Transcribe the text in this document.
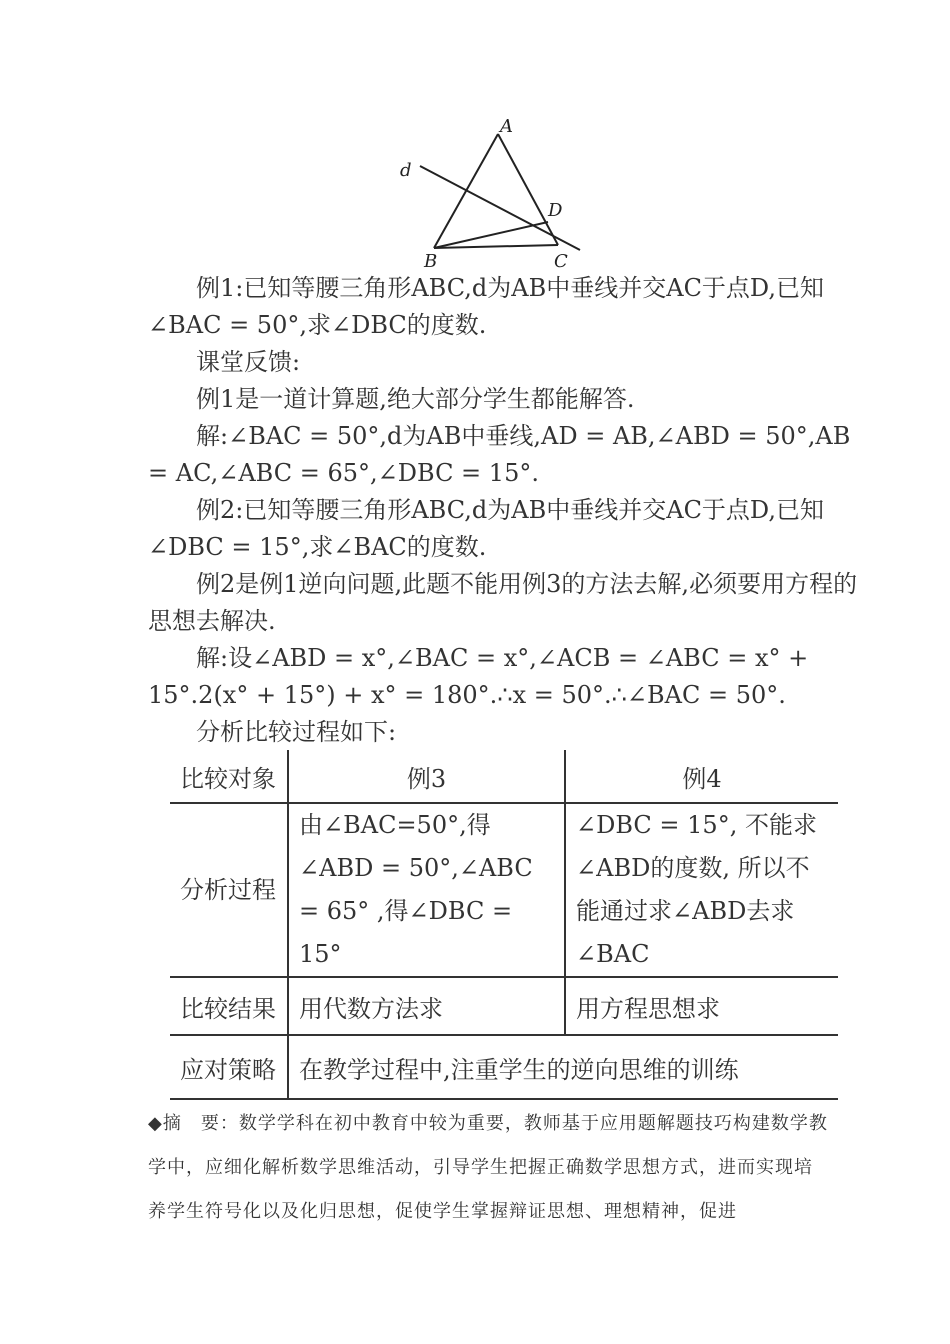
A
d
D
B	C
例1:已知等腰三角形ABC,d为AB中垂线并交AC于点D,已知∠BAC = 50°,求∠DBC的度数.
课堂反馈:
例1是一道计算题,绝大部分学生都能解答.
解:∠BAC = 50°,d为AB中垂线,AD = AB,∠ABD = 50°,AB = AC,∠ABC = 65°,∠DBC = 15°.
例2:已知等腰三角形ABC,d为AB中垂线并交AC于点D,已知∠DBC = 15°,求∠BAC的度数.
例2是例1逆向问题,此题不能用例3的方法去解,必须要用方程的思想去解决.
解:设∠ABD = x°,∠BAC = x°,∠ACB = ∠ABC = x° + 15°.2(x° + 15°) + x° = 180°.∴x = 50°.∴∠BAC = 50°.
分析比较过程如下:
比较对象	例3	例4
分析过程	由∠BAC=50°,得∠ABD = 50°,∠ABC = 65° ,得∠DBC = 15°	∠DBC = 15°, 不能求∠ABD的度数, 所以不能通过求∠ABD去求∠BAC
比较结果	用代数方法求	用方程思想求
应对策略	在教学过程中,注重学生的逆向思维的训练	
◆摘　要：数学学科在初中教育中较为重要，教师基于应用题解题技巧构建数学教学中，应细化解析数学思维活动，引导学生把握正确数学思想方式，进而实现培养学生符号化以及化归思想，促使学生掌握辩证思想、理想精神，促进
